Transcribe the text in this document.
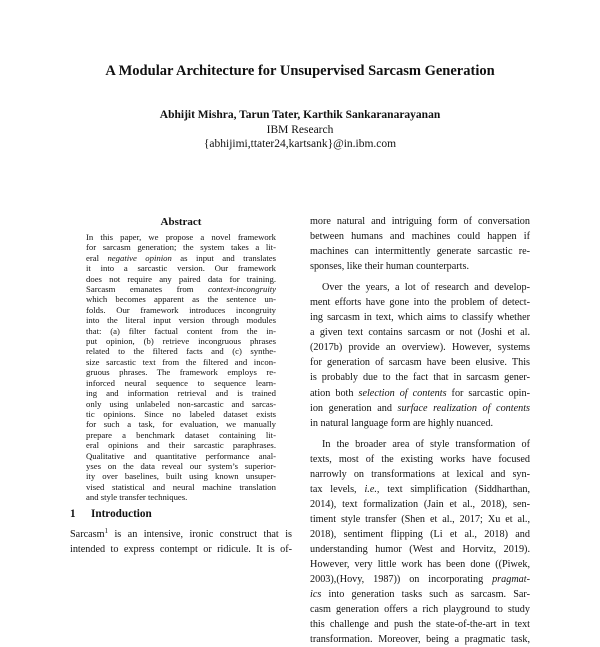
A Modular Architecture for Unsupervised Sarcasm Generation
Abhijit Mishra, Tarun Tater, Karthik Sankaranarayanan
IBM Research
{abhijimi,ttater24,kartsank}@in.ibm.com
Abstract
In this paper, we propose a novel framework
for sarcasm generation; the system takes a lit-
eral negative opinion as input and translates
it into a sarcastic version. Our framework
does not require any paired data for training.
Sarcasm emanates from context-incongruity
which becomes apparent as the sentence un-
folds. Our framework introduces incongruity
into the literal input version through modules
that: (a) filter factual content from the in-
put opinion, (b) retrieve incongruous phrases
related to the filtered facts and (c) synthe-
size sarcastic text from the filtered and incon-
gruous phrases. The framework employs re-
inforced neural sequence to sequence learn-
ing and information retrieval and is trained
only using unlabeled non-sarcastic and sarcas-
tic opinions. Since no labeled dataset exists
for such a task, for evaluation, we manually
prepare a benchmark dataset containing lit-
eral opinions and their sarcastic paraphrases.
Qualitative and quantitative performance anal-
yses on the data reveal our system’s superior-
ity over baselines, built using known unsuper-
vised statistical and neural machine translation
and style transfer techniques.
1 Introduction
Sarcasm$^1$ is an intensive, ironic construct that is
intended to express contempt or ridicule. It is of-
more natural and intriguing form of conversation
between humans and machines could happen if
machines can intermittently generate sarcastic re-
sponses, like their human counterparts.
Over the years, a lot of research and develop-
ment efforts have gone into the problem of detect-
ing sarcasm in text, which aims to classify whether
a given text contains sarcasm or not (Joshi et al.
(2017b) provide an overview). However, systems
for generation of sarcasm have been elusive. This
is probably due to the fact that in sarcasm gener-
ation both selection of contents for sarcastic opin-
ion generation and surface realization of contents
in natural language form are highly nuanced.
In the broader area of style transformation of
texts, most of the existing works have focused
narrowly on transformations at lexical and syn-
tax levels, i.e., text simplification (Siddharthan,
2014), text formalization (Jain et al., 2018), sen-
timent style transfer (Shen et al., 2017; Xu et al.,
2018), sentiment flipping (Li et al., 2018) and
understanding humor (West and Horvitz, 2019).
However, very little work has been done ((Piwek,
2003),(Hovy, 1987)) on incorporating pragmat-
ics into generation tasks such as sarcasm. Sar-
casm generation offers a rich playground to study
this challenge and push the state-of-the-art in text
transformation. Moreover, being a pragmatic task,
